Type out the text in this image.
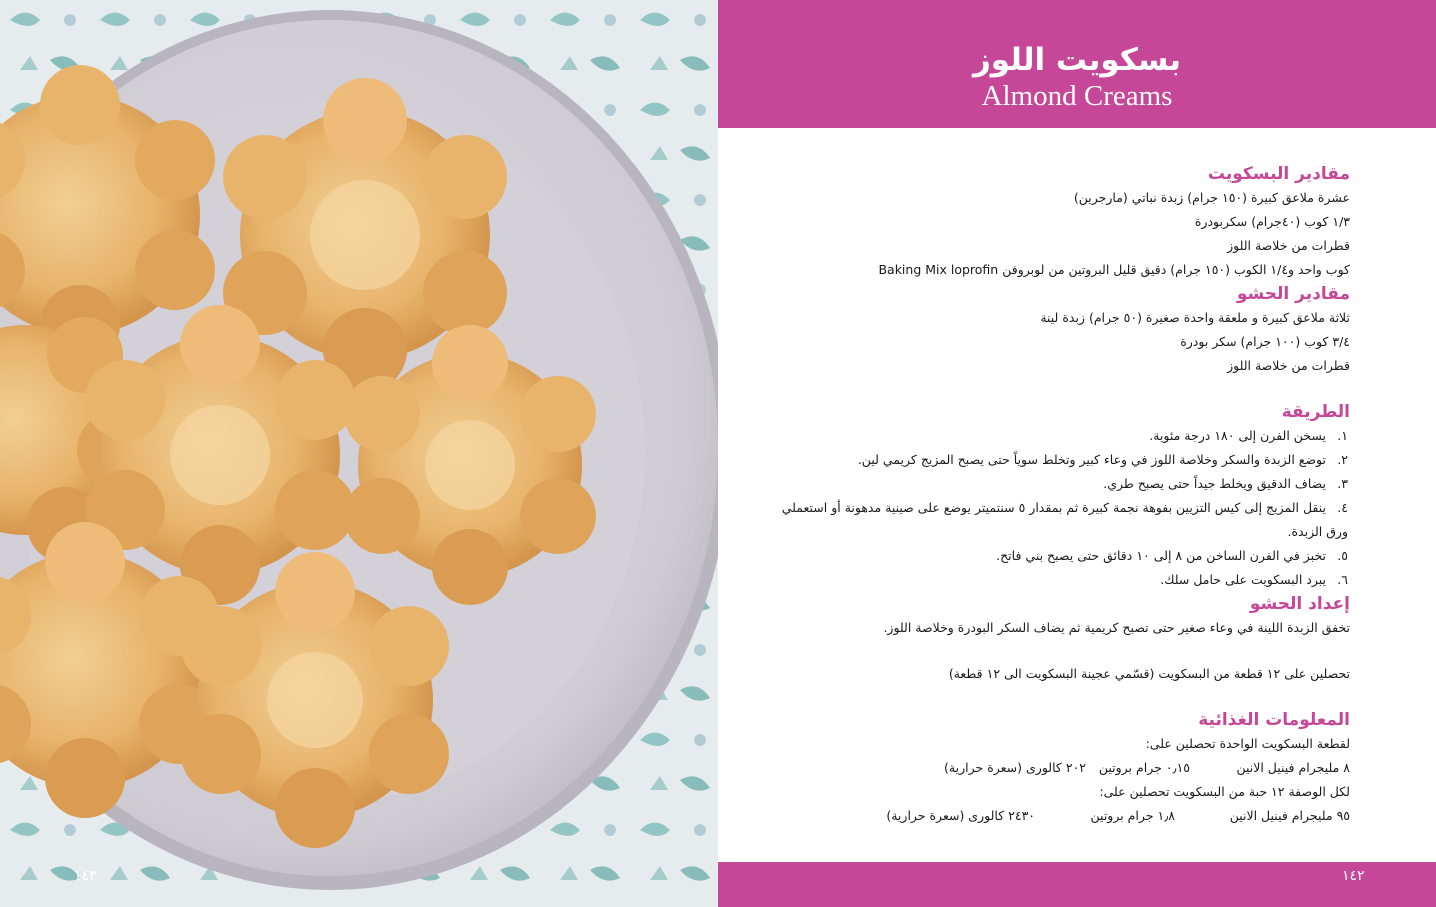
١٤٣
بسكويت اللوز
Almond Creams
مقادير البسكويت
عشرة ملاعق كبيرة (١٥٠ جرام) زبدة نباتي (مارجرين)
١/٣ كوب (٤٠جرام) سكربودرة
قطرات من خلاصة اللوز
كوب واحد و١/٤ الكوب (١٥٠ جرام) دقيق قليل البروتين من لوبروفن Baking Mix loprofin
مقادير الحشو
ثلاثة ملاعق كبيرة و ملعقة واحدة صغيرة (٥٠ جرام) زبدة لينة
٣/٤ كوب (١٠٠ جرام) سكر بودرة
قطرات من خلاصة اللوز
الطريقة
١.يسخن الفرن إلى ١٨٠ درجة مئوية.
٢.توضع الزبدة والسكر وخلاصة اللوز في وعاء كبير وتخلط سوياً حتى يصبح المزيج كريمي لين.
٣.يضاف الدقيق ويخلط جيداً حتى يصبح طري.
٤.ينقل المزيج إلى كيس التزيين بفوهة نجمة كبيرة ثم بمقدار ٥ سنتميتر يوضع على صينية مدهونة أو استعملي ورق الزبدة.
٥.تخبز في الفرن الساخن من ٨ إلى ١٠ دقائق حتى يصبح بني فاتح.
٦.يبرد البسكويت على حامل سلك.
إعداد الحشو
تخفق الزبدة اللينة في وعاء صغير حتى تصبح كريمية ثم يضاف السكر البودرة وخلاصة اللوز.
تحصلين على ١٢ قطعة من البسكويت (قسّمي عجينة البسكويت الى ١٢ قطعة)
المعلومات الغذائية
لقطعة البسكويت الواحدة تحصلين على:
٨ مليجرام فينيل الانين
٠٫١٥ جرام بروتين
٢٠٢ كالورى (سعرة حرارية)
لكل الوصفة ١٢ حبة من البسكويت تحصلين على:
٩٥ مليجرام فينيل الانين
١٫٨ جرام بروتين
٢٤٣٠ كالورى (سعرة حرارية)
١٤٢
